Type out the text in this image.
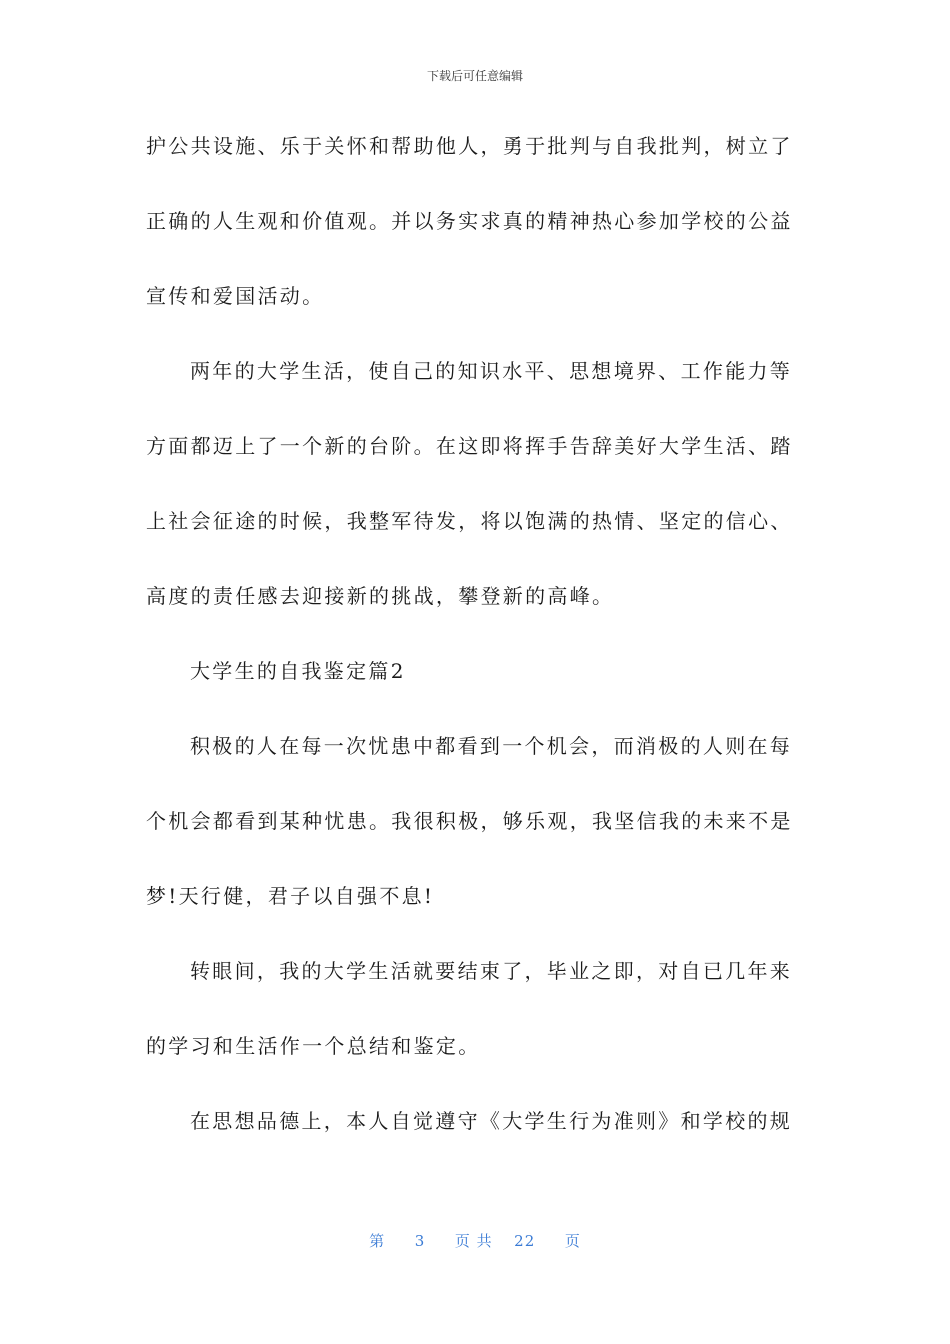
下载后可任意编辑
护公共设施、乐于关怀和帮助他人，勇于批判与自我批判，树立了
正确的人生观和价值观。并以务实求真的精神热心参加学校的公益
宣传和爱国活动。
两年的大学生活，使自己的知识水平、思想境界、工作能力等
方面都迈上了一个新的台阶。在这即将挥手告辞美好大学生活、踏
上社会征途的时候，我整军待发，将以饱满的热情、坚定的信心、
高度的责任感去迎接新的挑战，攀登新的高峰。
大学生的自我鉴定篇2
积极的人在每一次忧患中都看到一个机会，而消极的人则在每
个机会都看到某种忧患。我很积极，够乐观，我坚信我的未来不是
梦!天行健，君子以自强不息!
转眼间，我的大学生活就要结束了，毕业之即，对自已几年来
的学习和生活作一个总结和鉴定。
在思想品德上，本人自觉遵守《大学生行为准则》和学校的规
第 3 页 共 22 页
